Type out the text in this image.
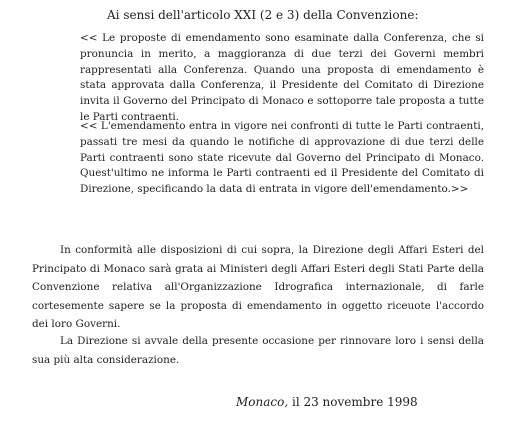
Ai sensi dell'articolo XXI (2 e 3) della Convenzione:
<< Le proposte di emendamento sono esaminate dalla Conferenza, che si pronuncia in merito, a maggioranza di due terzi dei Governi membri rappresentati alla Conferenza. Quando una proposta di emendamento è stata approvata dalla Conferenza, il Presidente del Comitato di Direzione invita il Governo del Principato di Monaco e sottoporre tale proposta a tutte le Parti contraenti.
<< L'emendamento entra in vigore nei confronti di tutte le Parti contraenti, passati tre mesi da quando le notifiche di approvazione di due terzi delle Parti contraenti sono state ricevute dal Governo del Principato di Monaco. Quest'ultimo ne informa le Parti contraenti ed il Presidente del Comitato di Direzione, specificando la data di entrata in vigore dell'emendamento.>>
In conformità alle disposizioni di cui sopra, la Direzione degli Affari Esteri del Principato di Monaco sarà grata ai Ministeri degli Affari Esteri degli Stati Parte della Convenzione relativa all'Organizzazione Idrografica internazionale, di farle cortesemente sapere se la proposta di emendamento in oggetto riceuote l'accordo dei loro Governi.
La Direzione si avvale della presente occasione per rinnovare loro i sensi della sua più alta considerazione.
Monaco, il 23 novembre 1998
